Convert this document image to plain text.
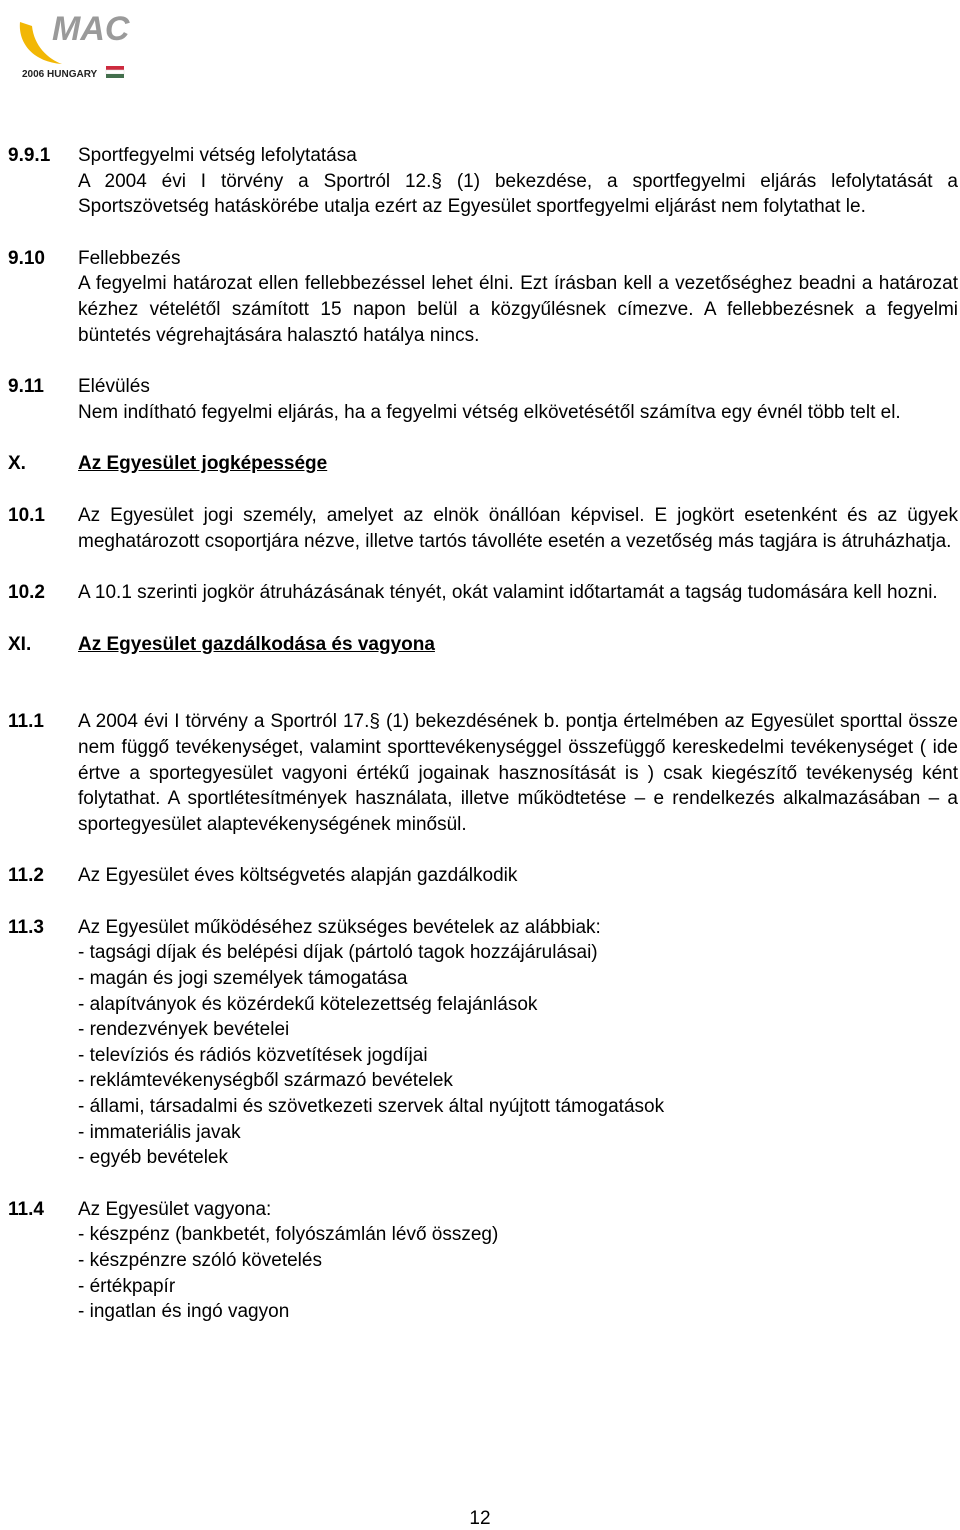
MAC
2006 HUNGARY
9.9.1	Sportfegyelmi vétség lefolytatása
A 2004 évi I törvény a Sportról 12.§ (1) bekezdése, a sportfegyelmi eljárás lefolytatását a Sportszövetség hatáskörébe utalja ezért az Egyesület sportfegyelmi eljárást nem folytathat le.
9.10	Fellebbezés
A fegyelmi határozat ellen fellebbezéssel lehet élni. Ezt írásban kell a vezetőséghez beadni a határozat kézhez vételétől számított 15 napon belül a közgyűlésnek címezve. A fellebbezésnek a fegyelmi büntetés végrehajtására halasztó hatálya nincs.
9.11	Elévülés
Nem indítható fegyelmi eljárás, ha a fegyelmi vétség elkövetésétől számítva egy évnél több telt el.
X.	Az Egyesület jogképessége
10.1	Az Egyesület jogi személy, amelyet az elnök önállóan képvisel. E jogkört esetenként és az ügyek meghatározott csoportjára nézve, illetve tartós távolléte esetén a vezetőség más tagjára is átruházhatja.
10.2	A 10.1 szerinti jogkör átruházásának tényét, okát valamint időtartamát a tagság tudomására kell hozni.
XI.	Az Egyesület gazdálkodása és vagyona
11.1	A 2004 évi I törvény a Sportról 17.§ (1) bekezdésének b. pontja értelmében az Egyesület sporttal össze nem függő tevékenységet, valamint sporttevékenységgel összefüggő kereskedelmi tevékenységet ( ide értve a sportegyesület vagyoni értékű jogainak hasznosítását is ) csak kiegészítő tevékenység ként folytathat. A sportlétesítmények használata, illetve működtetése – e rendelkezés alkalmazásában – a sportegyesület alaptevékenységének minősül.
11.2	Az Egyesület éves költségvetés alapján gazdálkodik
11.3	Az Egyesület működéséhez szükséges bevételek az alábbiak:
- tagsági díjak és belépési díjak (pártoló tagok hozzájárulásai)
- magán és jogi személyek támogatása
- alapítványok és közérdekű kötelezettség felajánlások
- rendezvények bevételei
- televíziós és rádiós közvetítések jogdíjai
- reklámtevékenységből származó bevételek
- állami, társadalmi és szövetkezeti szervek által nyújtott támogatások
- immateriális javak
- egyéb bevételek
11.4	Az Egyesület vagyona:
- készpénz (bankbetét, folyószámlán lévő összeg)
- készpénzre szóló követelés
- értékpapír
- ingatlan és ingó vagyon
12
